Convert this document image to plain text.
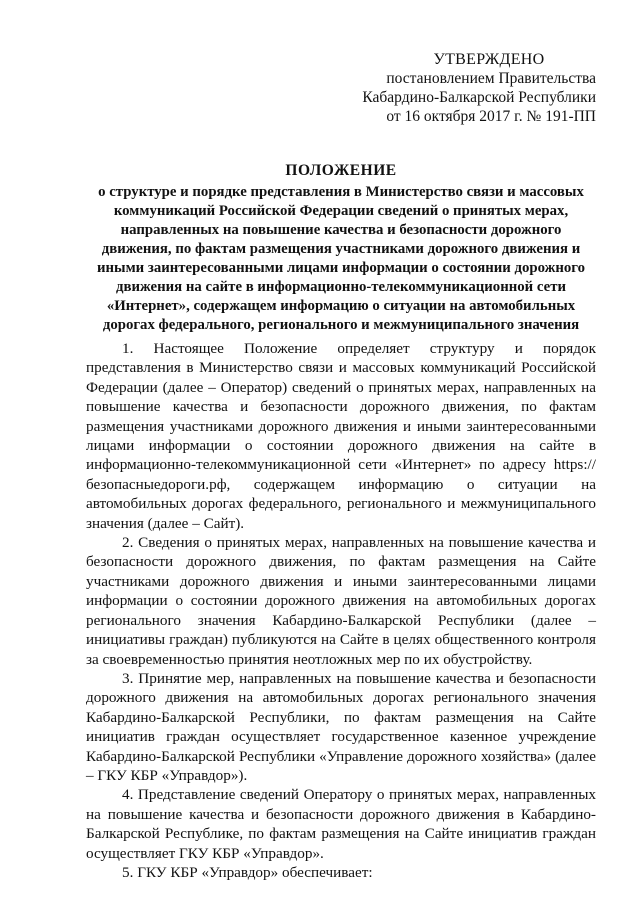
УТВЕРЖДЕНО
постановлением Правительства
Кабардино-Балкарской Республики
от 16 октября 2017 г. № 191-ПП
ПОЛОЖЕНИЕ
о структуре и порядке представления в Министерство связи и массовых
коммуникаций Российской Федерации сведений о принятых мерах,
направленных на повышение качества и безопасности дорожного
движения, по фактам размещения участниками дорожного движения и
иными заинтересованными лицами информации о состоянии дорожного
движения на сайте в информационно-телекоммуникационной сети
«Интернет», содержащем информацию о ситуации на автомобильных
дорогах федерального, регионального и межмуниципального значения

1. Настоящее Положение определяет структуру и порядок представления в Министерство связи и массовых коммуникаций Российской Федерации (далее – Оператор) сведений о принятых мерах, направленных на повышение качества и безопасности дорожного движения, по фактам размещения участниками дорожного движения и иными заинтересованными лицами информации о состоянии дорожного движения на сайте в информационно-телекоммуникационной сети «Интернет» по адресу https://безопасныедороги.рф, содержащем информацию о ситуации на автомобильных дорогах федерального, регионального и межмуниципального значения (далее – Сайт).

2. Сведения о принятых мерах, направленных на повышение качества и безопасности дорожного движения, по фактам размещения на Сайте участниками дорожного движения и иными заинтересованными лицами информации о состоянии дорожного движения на автомобильных дорогах регионального значения Кабардино-Балкарской Республики (далее – инициативы граждан) публикуются на Сайте в целях общественного контроля за своевременностью принятия неотложных мер по их обустройству.

3. Принятие мер, направленных на повышение качества и безопасности дорожного движения на автомобильных дорогах регионального значения Кабардино-Балкарской Республики, по фактам размещения на Сайте инициатив граждан осуществляет государственное казенное учреждение Кабардино-Балкарской Республики «Управление дорожного хозяйства» (далее – ГКУ КБР «Управдор»).

4. Представление сведений Оператору о принятых мерах, направленных на повышение качества и безопасности дорожного движения в Кабардино-Балкарской Республике, по фактам размещения на Сайте инициатив граждан осуществляет ГКУ КБР «Управдор».

5. ГКУ КБР «Управдор» обеспечивает:
